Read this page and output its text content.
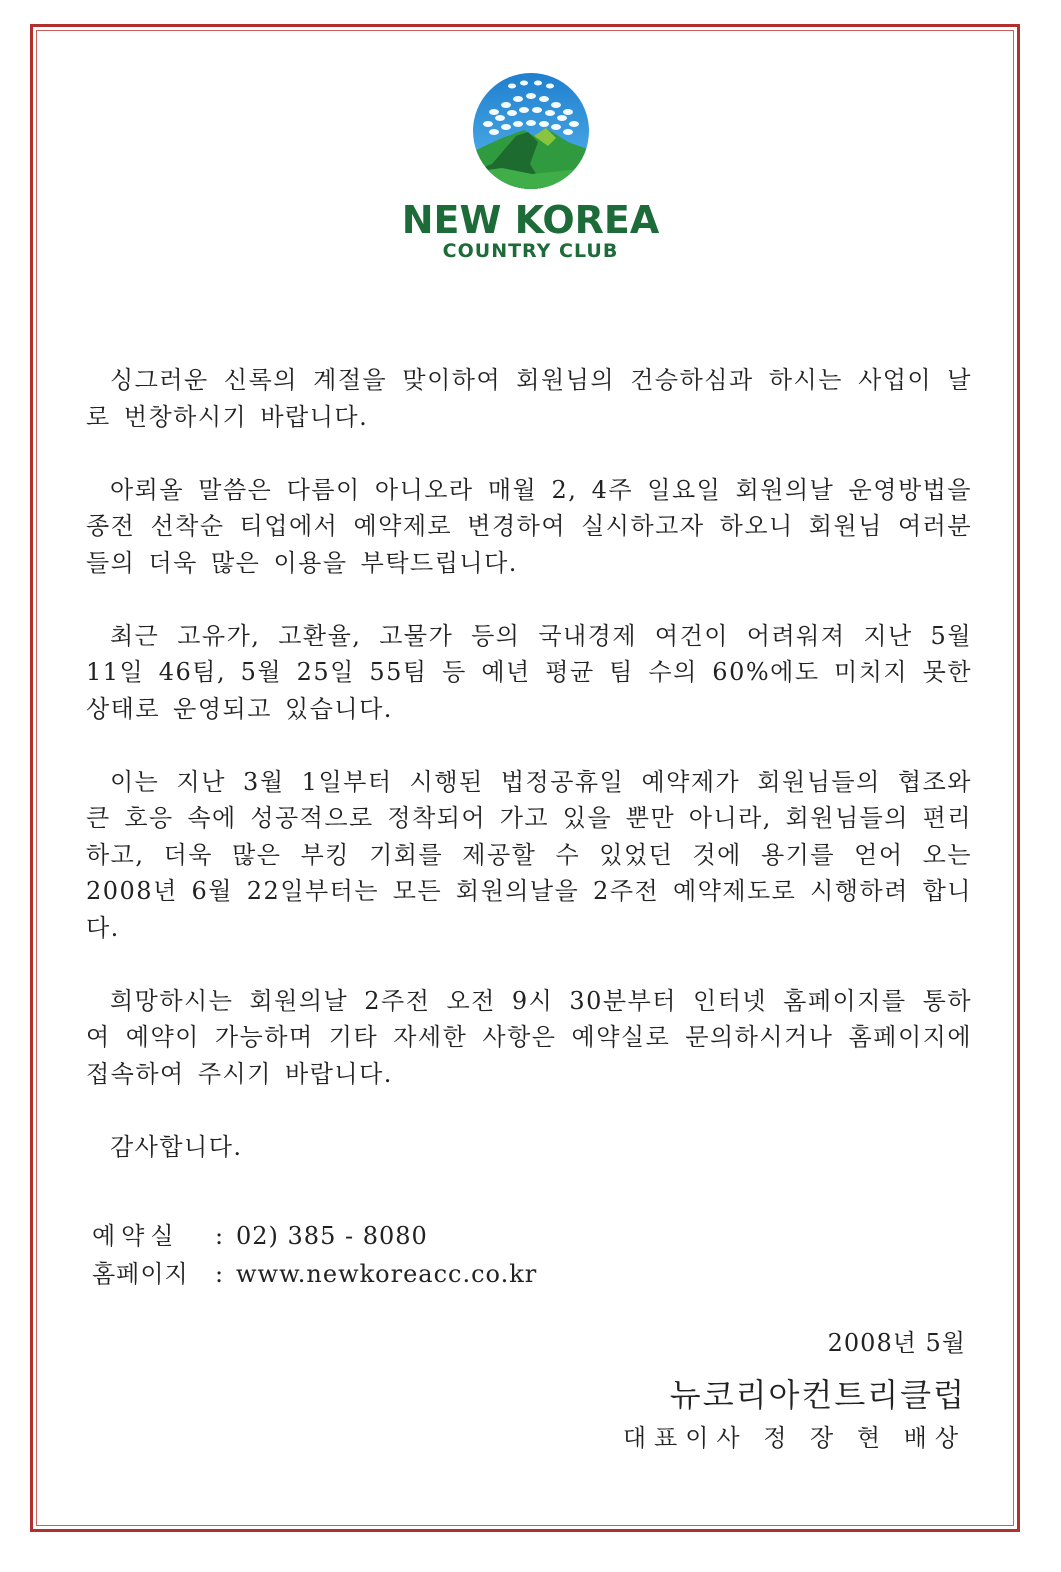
NEW KOREA
COUNTRY CLUB

싱그러운 신록의 계절을 맞이하여 회원님의 건승하심과 하시는 사업이 날로 번창하시기 바랍니다.

아뢰올 말씀은 다름이 아니오라 매월 2, 4주 일요일 회원의날 운영방법을 종전 선착순 티업에서 예약제로 변경하여 실시하고자 하오니 회원님 여러분들의 더욱 많은 이용을 부탁드립니다.

최근 고유가, 고환율, 고물가 등의 국내경제 여건이 어려워져 지난 5월 11일 46팀, 5월 25일 55팀 등 예년 평균 팀 수의 60%에도 미치지 못한 상태로 운영되고 있습니다.

이는 지난 3월 1일부터 시행된 법정공휴일 예약제가 회원님들의 협조와 큰 호응 속에 성공적으로 정착되어 가고 있을 뿐만 아니라, 회원님들의 편리하고, 더욱 많은 부킹 기회를 제공할 수 있었던 것에 용기를 얻어 오는 2008년 6월 22일부터는 모든 회원의날을 2주전 예약제도로 시행하려 합니다.

희망하시는 회원의날 2주전 오전 9시 30분부터 인터넷 홈페이지를 통하여 예약이 가능하며 기타 자세한 사항은 예약실로 문의하시거나 홈페이지에 접속하여 주시기 바랍니다.

감사합니다.

예약실	: 02) 385 - 8080
홈페이지	: www.newkoreacc.co.kr
2008년 5월
뉴코리아컨트리클럽
대표이사 정 장 현 배상
